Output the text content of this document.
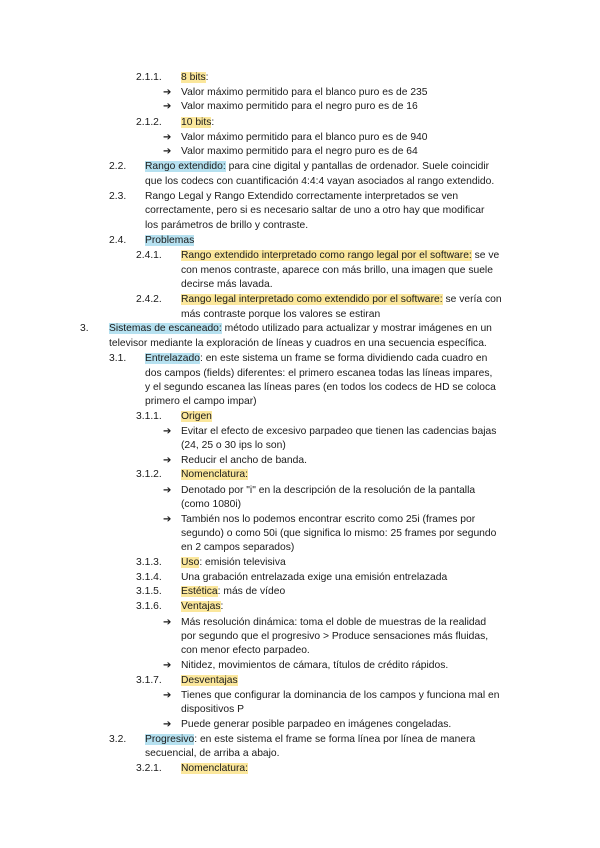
2.1.1. 8 bits:
➔ Valor máximo permitido para el blanco puro es de 235
➔ Valor maximo permitido para el negro puro es de 16
2.1.2. 10 bits:
➔ Valor máximo permitido para el blanco puro es de 940
➔ Valor maximo permitido para el negro puro es de 64
2.2. Rango extendido: para cine digital y pantallas de ordenador. Suele coincidir
que los codecs con cuantificación 4:4:4 vayan asociados al rango extendido.
2.3. Rango Legal y Rango Extendido correctamente interpretados se ven
correctamente, pero si es necesario saltar de uno a otro hay que modificar
los parámetros de brillo y contraste.
2.4. Problemas
2.4.1. Rango extendido interpretado como rango legal por el software: se ve
con menos contraste, aparece con más brillo, una imagen que suele
decirse más lavada.
2.4.2. Rango legal interpretado como extendido por el software: se vería con
más contraste porque los valores se estiran
3. Sistemas de escaneado: método utilizado para actualizar y mostrar imágenes en un
televisor mediante la exploración de líneas y cuadros en una secuencia específica.
3.1. Entrelazado: en este sistema un frame se forma dividiendo cada cuadro en
dos campos (fields) diferentes: el primero escanea todas las líneas impares,
y el segundo escanea las líneas pares (en todos los codecs de HD se coloca
primero el campo impar)
3.1.1. Origen
➔ Evitar el efecto de excesivo parpadeo que tienen las cadencias bajas
(24, 25 o 30 ips lo son)
➔ Reducir el ancho de banda.
3.1.2. Nomenclatura:
➔ Denotado por "i" en la descripción de la resolución de la pantalla
(como 1080i)
➔ También nos lo podemos encontrar escrito como 25i (frames por
segundo) o como 50i (que significa lo mismo: 25 frames por segundo
en 2 campos separados)
3.1.3. Uso: emisión televisiva
3.1.4. Una grabación entrelazada exige una emisión entrelazada
3.1.5. Estética: más de vídeo
3.1.6. Ventajas:
➔ Más resolución dinámica: toma el doble de muestras de la realidad
por segundo que el progresivo > Produce sensaciones más fluidas,
con menor efecto parpadeo.
➔ Nitidez, movimientos de cámara, títulos de crédito rápidos.
3.1.7. Desventajas
➔ Tienes que configurar la dominancia de los campos y funciona mal en
dispositivos P
➔ Puede generar posible parpadeo en imágenes congeladas.
3.2. Progresivo: en este sistema el frame se forma línea por línea de manera
secuencial, de arriba a abajo.
3.2.1. Nomenclatura:
